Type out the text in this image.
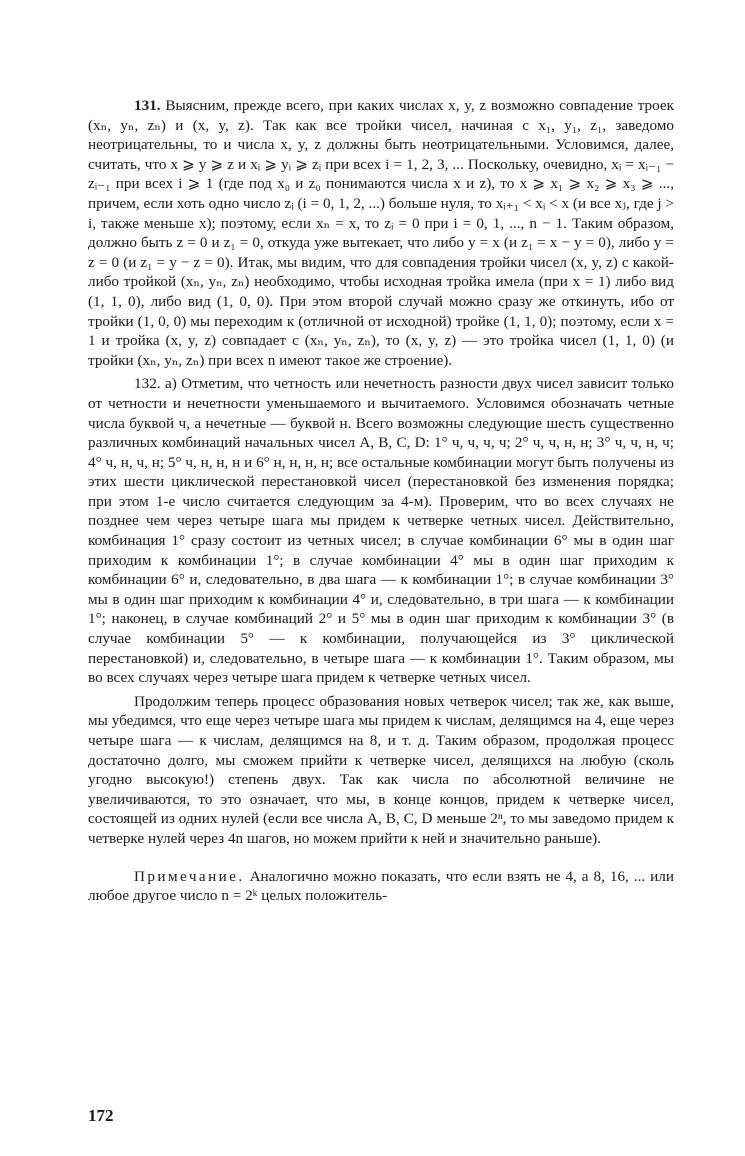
131. Выясним, прежде всего, при каких числах x, y, z возможно совпадение троек (xₙ, yₙ, zₙ) и (x, y, z). Так как все тройки чисел, начиная с x₁, y₁, z₁, заведомо неотрицательны, то и числа x, y, z должны быть неотрицательными. Условимся, далее, считать, что x ⩾ y ⩾ z и xᵢ ⩾ yᵢ ⩾ zᵢ при всех i = 1, 2, 3, ... Поскольку, очевидно, xᵢ = xᵢ₋₁ − zᵢ₋₁ при всех i ⩾ 1 (где под x₀ и z₀ понимаются числа x и z), то x ⩾ x₁ ⩾ x₂ ⩾ x₃ ⩾ ..., причем, если хоть одно число zᵢ (i = 0, 1, 2, ...) больше нуля, то xᵢ₊₁ < xᵢ < x (и все xⱼ, где j > i, также меньше x); поэтому, если xₙ = x, то zᵢ = 0 при i = 0, 1, ..., n − 1. Таким образом, должно быть z = 0 и z₁ = 0, откуда уже вытекает, что либо y = x (и z₁ = x − y = 0), либо y = z = 0 (и z₁ = y − z = 0). Итак, мы видим, что для совпадения тройки чисел (x, y, z) с какой-либо тройкой (xₙ, yₙ, zₙ) необходимо, чтобы исходная тройка имела (при x = 1) либо вид (1, 1, 0), либо вид (1, 0, 0). При этом второй случай можно сразу же откинуть, ибо от тройки (1, 0, 0) мы переходим к (отличной от исходной) тройке (1, 1, 0); поэтому, если x = 1 и тройка (x, y, z) совпадает с (xₙ, yₙ, zₙ), то (x, y, z) — это тройка чисел (1, 1, 0) (и тройки (xₙ, yₙ, zₙ) при всех n имеют такое же строение).

132. а) Отметим, что четность или нечетность разности двух чисел зависит только от четности и нечетности уменьшаемого и вычитаемого. Условимся обозначать четные числа буквой ч, а нечетные — буквой н. Всего возможны следующие шесть существенно различных комбинаций начальных чисел A, B, C, D: 1° ч, ч, ч, ч; 2° ч, ч, н, н; 3° ч, ч, н, ч; 4° ч, н, ч, н; 5° ч, н, н, н и 6° н, н, н, н; все остальные комбинации могут быть получены из этих шести циклической перестановкой чисел (перестановкой без изменения порядка; при этом 1-е число считается следующим за 4-м). Проверим, что во всех случаях не позднее чем через четыре шага мы придем к четверке четных чисел. Действительно, комбинация 1° сразу состоит из четных чисел; в случае комбинации 6° мы в один шаг приходим к комбинации 1°; в случае комбинации 4° мы в один шаг приходим к комбинации 6° и, следовательно, в два шага — к комбинации 1°; в случае комбинации 3° мы в один шаг приходим к комбинации 4° и, следовательно, в три шага — к комбинации 1°; наконец, в случае комбинаций 2° и 5° мы в один шаг приходим к комбинации 3° (в случае комбинации 5° — к комбинации, получающейся из 3° циклической перестановкой) и, следовательно, в четыре шага — к комбинации 1°. Таким образом, мы во всех случаях через четыре шага придем к четверке четных чисел.

Продолжим теперь процесс образования новых четверок чисел; так же, как выше, мы убедимся, что еще через четыре шага мы придем к числам, делящимся на 4, еще через четыре шага — к числам, делящимся на 8, и т. д. Таким образом, продолжая процесс достаточно долго, мы сможем прийти к четверке чисел, делящихся на любую (сколь угодно высокую!) степень двух. Так как числа по абсолютной величине не увеличиваются, то это означает, что мы, в конце концов, придем к четверке чисел, состоящей из одних нулей (если все числа A, B, C, D меньше 2ⁿ, то мы заведомо придем к четверке нулей через 4n шагов, но можем прийти к ней и значительно раньше).

Примечание. Аналогично можно показать, что если взять не 4, а 8, 16, ... или любое другое число n = 2ᵏ целых положитель-

172
